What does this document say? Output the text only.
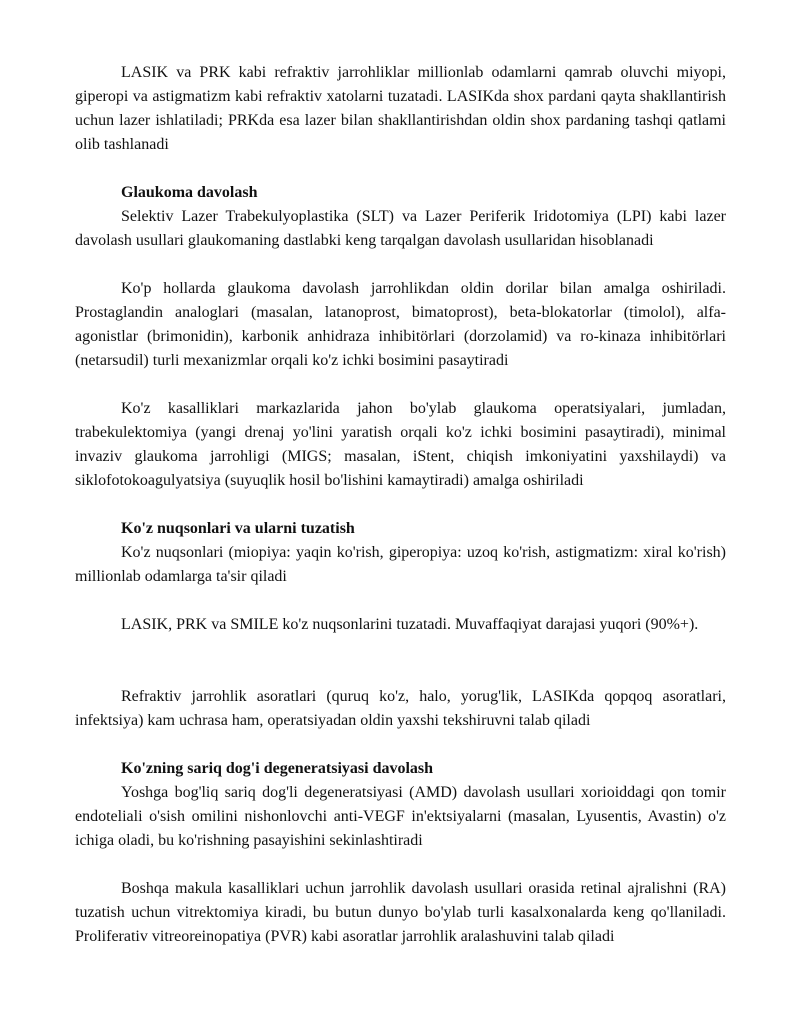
LASIK va PRK kabi refraktiv jarrohliklar millionlab odamlarni qamrab oluvchi miyopi, giperopi va astigmatizm kabi refraktiv xatolarni tuzatadi. LASIKda shox pardani qayta shakllantirish uchun lazer ishlatiladi; PRKda esa lazer bilan shakllantirishdan oldin shox pardaning tashqi qatlami olib tashlanadi

Glaukoma davolash

Selektiv Lazer Trabekulyoplastika (SLT) va Lazer Periferik Iridotomiya (LPI) kabi lazer davolash usullari glaukomaning dastlabki keng tarqalgan davolash usullaridan hisoblanadi

Ko'p hollarda glaukoma davolash jarrohlikdan oldin dorilar bilan amalga oshiriladi. Prostaglandin analoglari (masalan, latanoprost, bimatoprost), beta-blokatorlar (timolol), alfa-agonistlar (brimonidin), karbonik anhidraza inhibitörlari (dorzolamid) va ro-kinaza inhibitörlari (netarsudil) turli mexanizmlar orqali ko'z ichki bosimini pasaytiradi

Ko'z kasalliklari markazlarida jahon bo'ylab glaukoma operatsiyalari, jumladan, trabekulektomiya (yangi drenaj yo'lini yaratish orqali ko'z ichki bosimini pasaytiradi), minimal invaziv glaukoma jarrohligi (MIGS; masalan, iStent, chiqish imkoniyatini yaxshilaydi) va siklofotokoagulyatsiya (suyuqlik hosil bo'lishini kamaytiradi) amalga oshiriladi

Ko'z nuqsonlari va ularni tuzatish

Ko'z nuqsonlari (miopiya: yaqin ko'rish, giperopiya: uzoq ko'rish, astigmatizm: xiral ko'rish) millionlab odamlarga ta'sir qiladi

LASIK, PRK va SMILE ko'z nuqsonlarini tuzatadi. Muvaffaqiyat darajasi yuqori (90%+).

Refraktiv jarrohlik asoratlari (quruq ko'z, halo, yorug'lik, LASIKda qopqoq asoratlari, infektsiya) kam uchrasa ham, operatsiyadan oldin yaxshi tekshiruvni talab qiladi

Ko'zning sariq dog'i degeneratsiyasi davolash

Yoshga bog'liq sariq dog'li degeneratsiyasi (AMD) davolash usullari xorioiddagi qon tomir endoteliali o'sish omilini nishonlovchi anti-VEGF in'ektsiyalarni (masalan, Lyusentis, Avastin) o'z ichiga oladi, bu ko'rishning pasayishini sekinlashtiradi

Boshqa makula kasalliklari uchun jarrohlik davolash usullari orasida retinal ajralishni (RA) tuzatish uchun vitrektomiya kiradi, bu butun dunyo bo'ylab turli kasalxonalarda keng qo'llaniladi. Proliferativ vitreoreinopatiya (PVR) kabi asoratlar jarrohlik aralashuvini talab qiladi
